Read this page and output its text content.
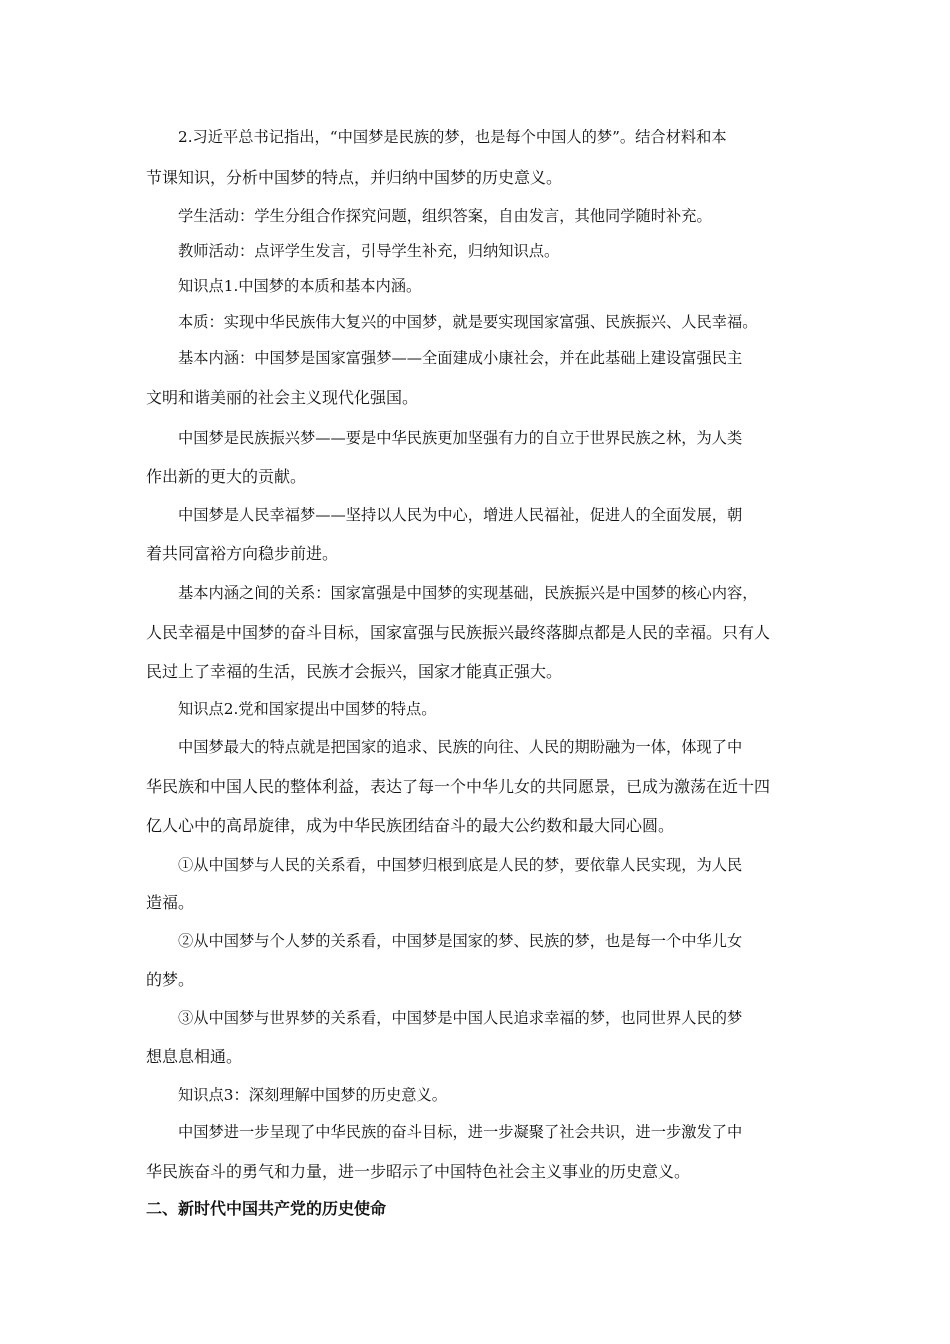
2.习近平总书记指出，“中国梦是民族的梦，也是每个中国人的梦”。结合材料和本
节课知识，分析中国梦的特点，并归纳中国梦的历史意义。
学生活动：学生分组合作探究问题，组织答案，自由发言，其他同学随时补充。
教师活动：点评学生发言，引导学生补充，归纳知识点。
知识点1.中国梦的本质和基本内涵。
本质：实现中华民族伟大复兴的中国梦，就是要实现国家富强、民族振兴、人民幸福。
基本内涵：中国梦是国家富强梦——全面建成小康社会，并在此基础上建设富强民主
文明和谐美丽的社会主义现代化强国。
中国梦是民族振兴梦——要是中华民族更加坚强有力的自立于世界民族之林，为人类
作出新的更大的贡献。
中国梦是人民幸福梦——坚持以人民为中心，增进人民福祉，促进人的全面发展，朝
着共同富裕方向稳步前进。
基本内涵之间的关系：国家富强是中国梦的实现基础，民族振兴是中国梦的核心内容，
人民幸福是中国梦的奋斗目标，国家富强与民族振兴最终落脚点都是人民的幸福。只有人
民过上了幸福的生活，民族才会振兴，国家才能真正强大。
知识点2.党和国家提出中国梦的特点。
中国梦最大的特点就是把国家的追求、民族的向往、人民的期盼融为一体，体现了中
华民族和中国人民的整体利益，表达了每一个中华儿女的共同愿景，已成为激荡在近十四
亿人心中的高昂旋律，成为中华民族团结奋斗的最大公约数和最大同心圆。
①从中国梦与人民的关系看，中国梦归根到底是人民的梦，要依靠人民实现，为人民
造福。
②从中国梦与个人梦的关系看，中国梦是国家的梦、民族的梦，也是每一个中华儿女
的梦。
③从中国梦与世界梦的关系看，中国梦是中国人民追求幸福的梦，也同世界人民的梦
想息息相通。
知识点3：深刻理解中国梦的历史意义。
中国梦进一步呈现了中华民族的奋斗目标，进一步凝聚了社会共识，进一步激发了中
华民族奋斗的勇气和力量，进一步昭示了中国特色社会主义事业的历史意义。
二、新时代中国共产党的历史使命
